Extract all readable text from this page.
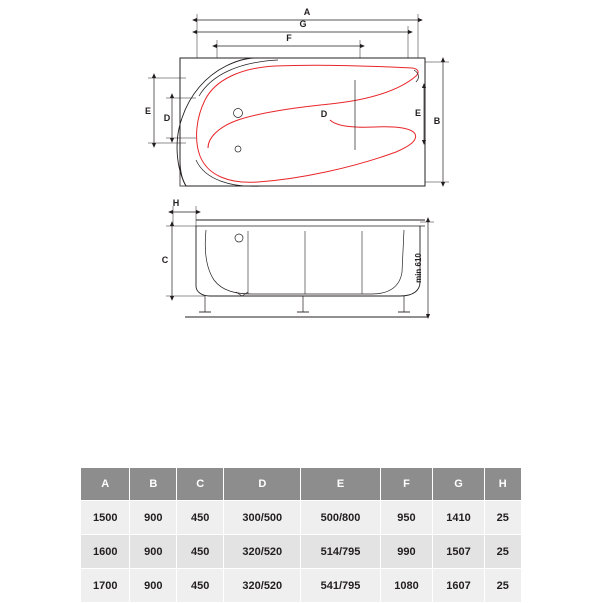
D
A
G
F
E
D	E
B
H
C	min 610
A	B	C	D	E	F	G	H
1500	900	450	300/500	500/800	950	1410	25
1600	900	450	320/520	514/795	990	1507	25
1700	900	450	320/520	541/795	1080	1607	25
